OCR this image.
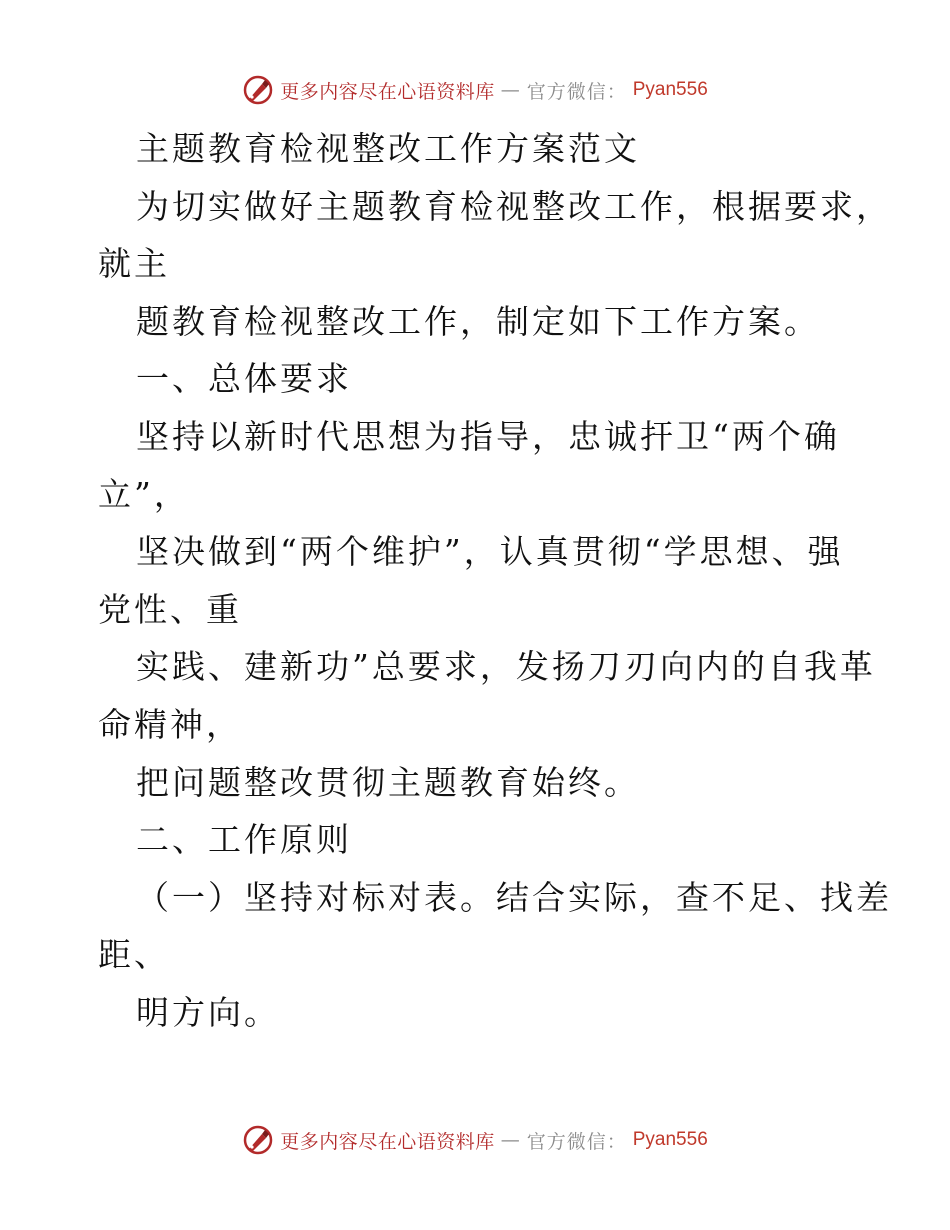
更多内容尽在心语资料库 — 官方微信： Pyan556
主题教育检视整改工作方案范文
为切实做好主题教育检视整改工作，根据要求，
就主
题教育检视整改工作，制定如下工作方案。
一、总体要求
坚持以新时代思想为指导，忠诚扞卫“两个确
立”，
坚决做到“两个维护”，认真贯彻“学思想、强
党性、重
实践、建新功”总要求，发扬刀刃向内的自我革
命精神，
把问题整改贯彻主题教育始终。
二、工作原则
（一）坚持对标对表。结合实际，查不足、找差
距、
明方向。
更多内容尽在心语资料库 — 官方微信： Pyan556
